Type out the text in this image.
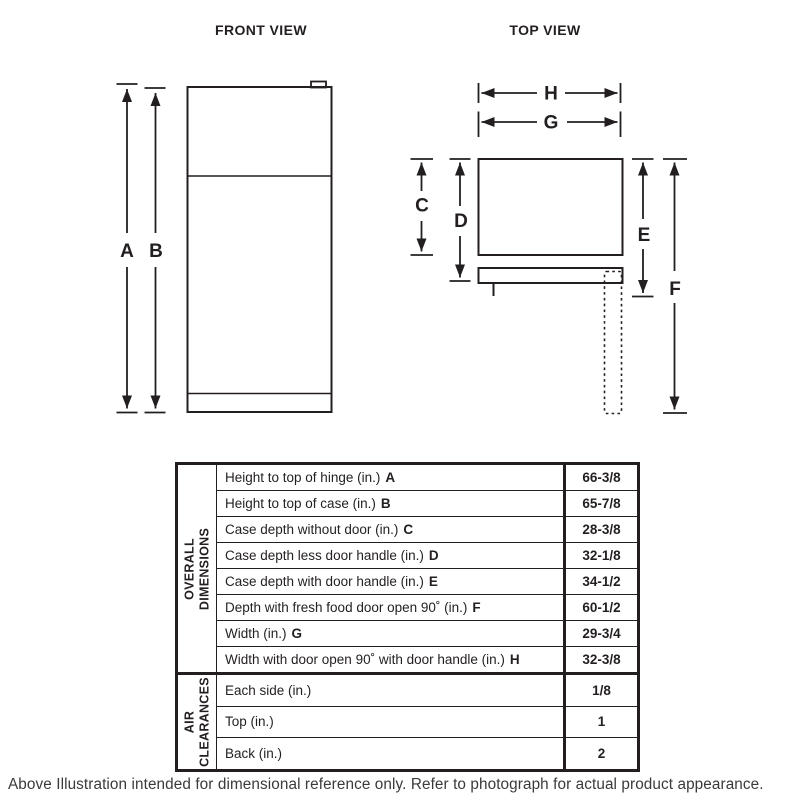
FRONT VIEW	TOP VIEW
A B
H
G
C
D
E
F
OVERALL DIMENSIONS
Height to top of hinge (in.) A	66-3/8
Height to top of case (in.) B	65-7/8
Case depth without door (in.) C	28-3/8
Case depth less door handle (in.) D	32-1/8
Case depth with door handle (in.) E	34-1/2
Depth with fresh food door open 90˚ (in.) F	60-1/2
Width (in.) G	29-3/4
Width with door open 90˚ with door handle (in.) H	32-3/8
AIR CLEARANCES Each side (in.)	1/8
Top (in.)	1
Back (in.)	2
Above Illustration intended for dimensional reference only. Refer to photograph for actual product appearance.
